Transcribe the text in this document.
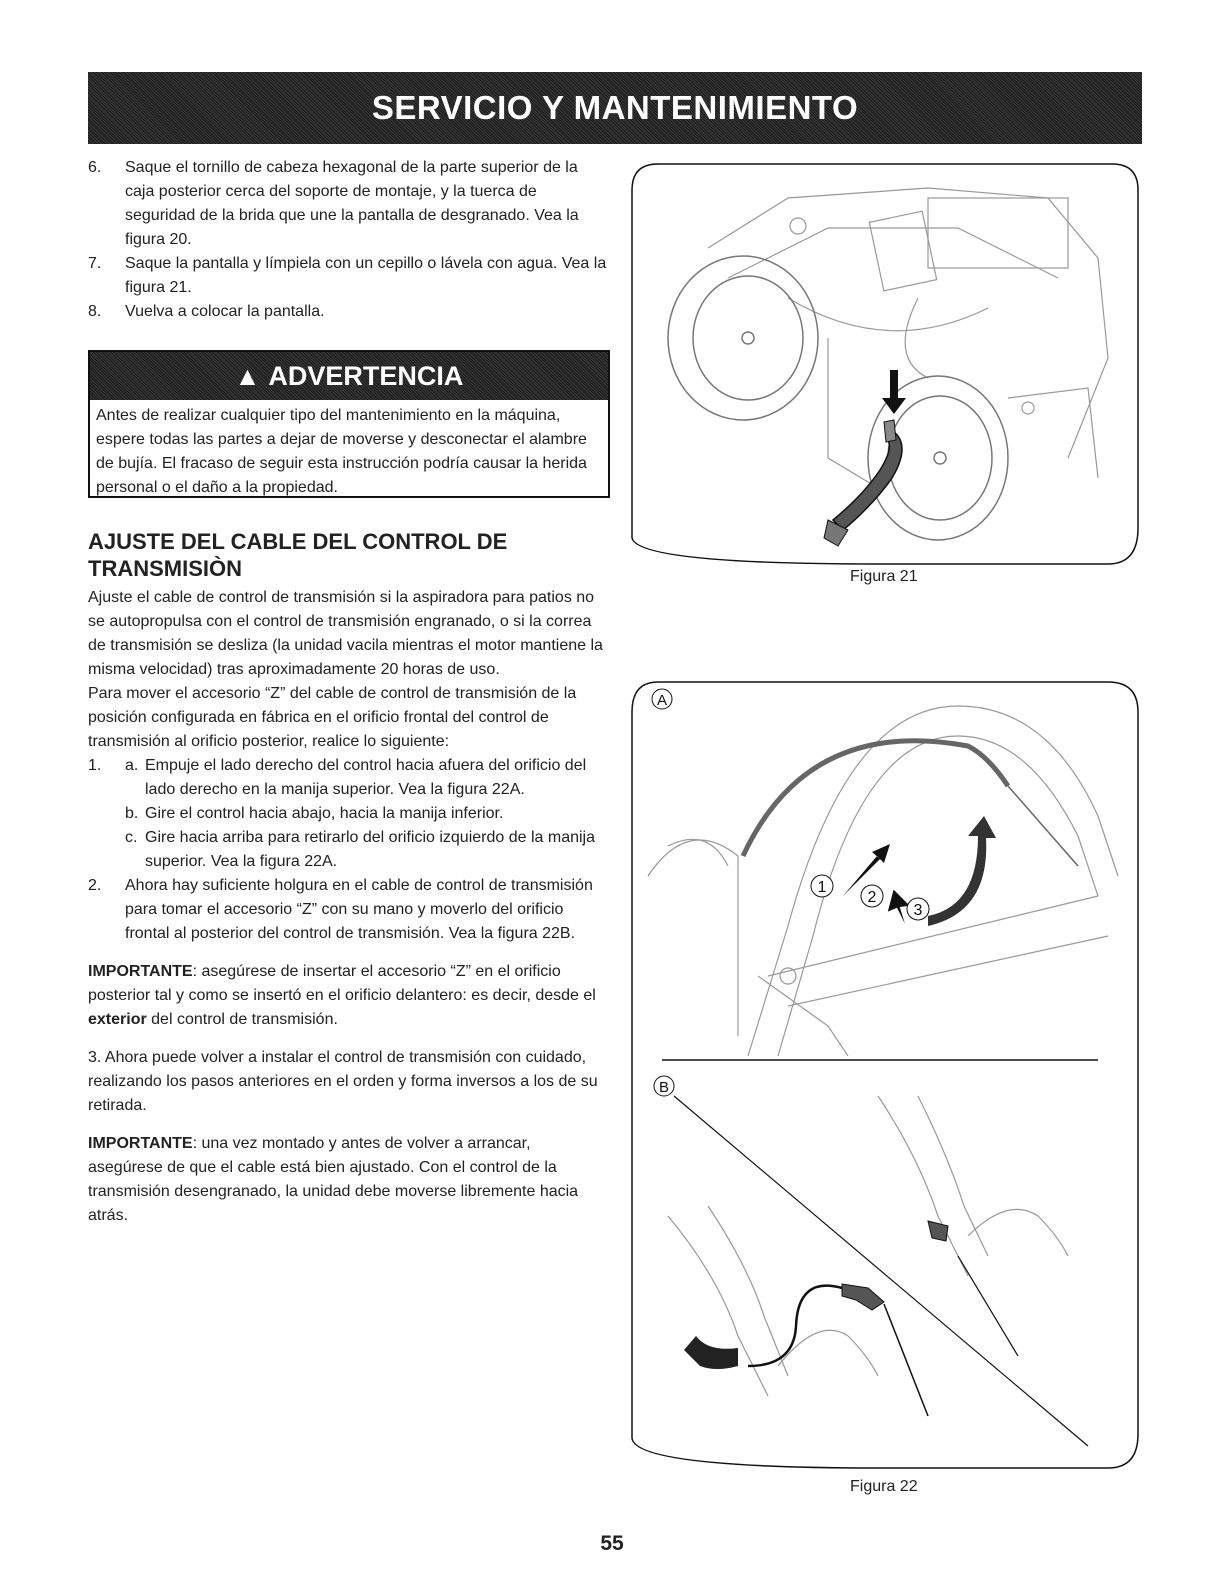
SERVICIO Y MANTENIMIENTO
6.	Saque el tornillo de cabeza hexagonal de la parte superior de la caja posterior cerca del soporte de montaje, y la tuerca de seguridad de la brida que une la pantalla de desgranado. Vea la figura 20.
7.	Saque la pantalla y límpiela con un cepillo o lávela con agua. Vea la figura 21.
8.	Vuelva a colocar la pantalla.
▲ ADVERTENCIA
Antes de realizar cualquier tipo del mantenimiento en la máquina, espere todas las partes a dejar de moverse y desconectar el alambre de bujía. El fracaso de seguir esta instrucción podría causar la herida personal o el daño a la propiedad.
AJUSTE DEL CABLE DEL CONTROL DE TRANSMISIÒN

Ajuste el cable de control de transmisión si la aspiradora para patios no se autopropulsa con el control de transmisión engranado, o si la correa de transmisión se desliza (la unidad vacila mientras el motor mantiene la misma velocidad) tras aproximadamente 20 horas de uso.

Para mover el accesorio “Z” del cable de control de transmisión de la posición configurada en fábrica en el orificio frontal del control de transmisión al orificio posterior, realice lo siguiente:

1.	a. Empuje el lado derecho del control hacia afuera del orificio del lado derecho en la manija superior. Vea la figura 22A.
b. Gire el control hacia abajo, hacia la manija inferior.
c. Gire hacia arriba para retirarlo del orificio izquierdo de la manija superior. Vea la figura 22A.
2.	Ahora hay suficiente holgura en el cable de control de transmisión para tomar el accesorio “Z” con su mano y moverlo del orificio frontal al posterior del control de transmisión. Vea la figura 22B.

IMPORTANTE: asegúrese de insertar el accesorio “Z” en el orificio posterior tal y como se insertó en el orificio delantero: es decir, desde el exterior del control de transmisión.

3. Ahora puede volver a instalar el control de transmisión con cuidado, realizando los pasos anteriores en el orden y forma inversos a los de su retirada.

IMPORTANTE: una vez montado y antes de volver a arrancar, asegúrese de que el cable está bien ajustado. Con el control de la transmisión desengranado, la unidad debe moverse libremente hacia atrás.

Figura 21
A
1
2
3
B
Figura 22
55
